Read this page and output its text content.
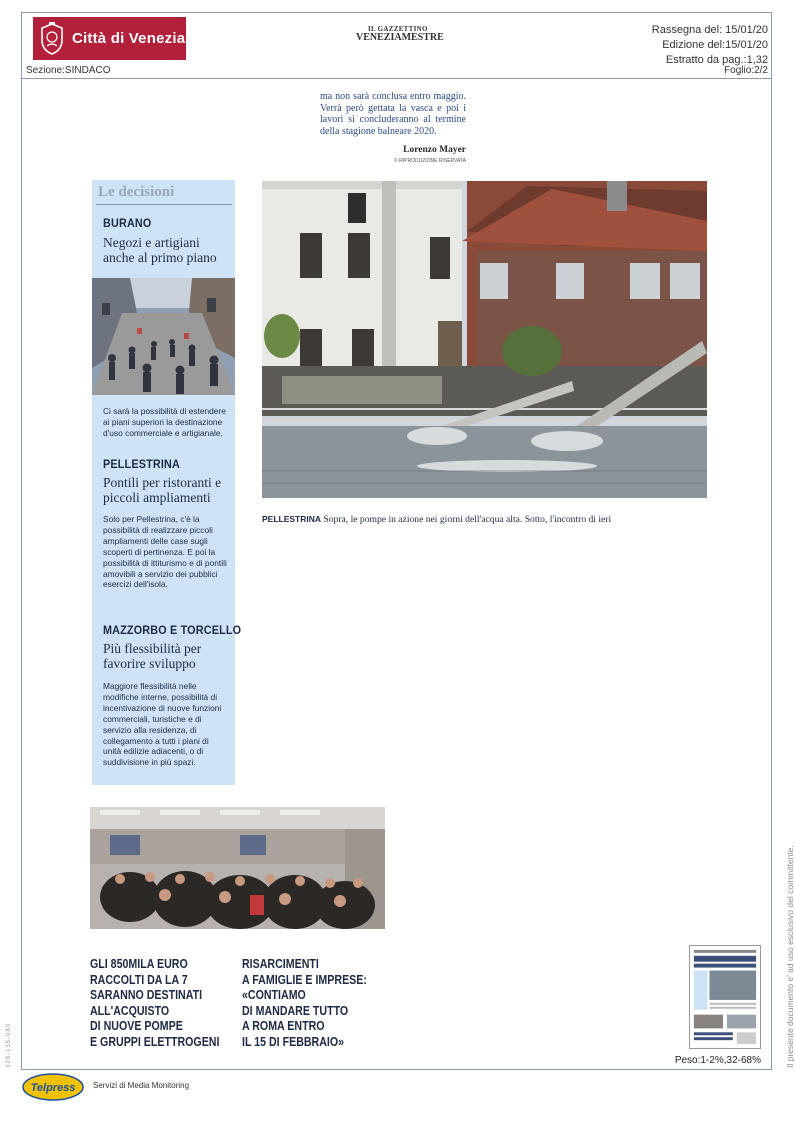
Città di Venezia
IL GAZZETTINO
VENEZIAMESTRE
Rassegna del: 15/01/20
Edizione del:15/01/20
Estratto da pag.:1,32
Sezione:SINDACO	Foglio:2/2
ma non sarà conclusa entro maggio. Verrà però gettata la vasca e poi i lavori si concluderanno al termine della stagione balneare 2020.
Lorenzo Mayer
© RIPRODUZIONE RISERVATA
Le decisioni
BURANO
Negozi e artigiani anche al primo piano
Ci sarà la possibilità di estendere ai piani superiori la destinazione d'uso commerciale e artigianale.
PELLESTRINA
Pontili per ristoranti e piccoli ampliamenti
Solo per Pellestrina, c'è la possibilità di realizzare piccoli ampliamenti delle case sugli scoperti di pertinenza. E poi la possibilità di ittiturismo e di pontili amovibili a servizio dei pubblici esercizi dell'isola.
MAZZORBO E TORCELLO
Più flessibilità per favorire sviluppo
Maggiore flessibilità nelle modifiche interne, possibilità di incentivazione di nuove funzioni commerciali, turistiche e di servizio alla residenza, di collegamento a tutti i piani di unità edilizie adiacenti, o di suddivisione in più spazi.
PELLESTRINA Sopra, le pompe in azione nei giorni dell'acqua alta. Sotto, l'incontro di ieri
GLI 850MILA EURO
RACCOLTI DA LA 7
SARANNO DESTINATI
ALL'ACQUISTO
DI NUOVE POMPE
E GRUPPI ELETTROGENI
RISARCIMENTI
A FAMIGLIE E IMPRESE:
«CONTIAMO
DI MANDARE TUTTO
A ROMA ENTRO
IL 15 DI FEBBRAIO»
Peso:1-2%,32-68%
Telpress Servizi di Media Monitoring
Il presente documento e' ad uso esclusivo del committente.
328-135-080
